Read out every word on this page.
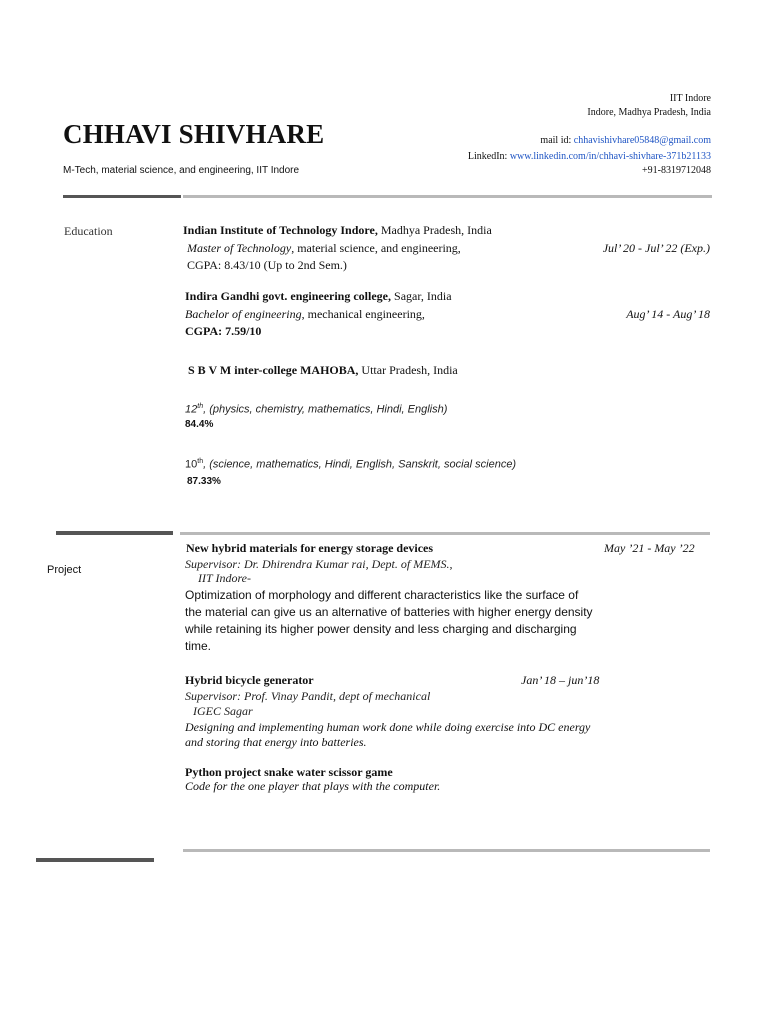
IIT Indore
Indore, Madhya Pradesh, India
CHHAVI SHIVHARE	mail id: chhavishivhare05848@gmail.com
LinkedIn: www.linkedin.com/in/chhavi-shivhare-371b21133
M-Tech, material science, and engineering, IIT Indore	+91-8319712048
Education	Indian Institute of Technology Indore, Madhya Pradesh, India
Master of Technology, material science, and engineering,	Jul’ 20 - Jul’ 22 (Exp.)
CGPA: 8.43/10 (Up to 2nd Sem.)
Indira Gandhi govt. engineering college, Sagar, India
Bachelor of engineering, mechanical engineering,	Aug’ 14 - Aug’ 18
CGPA: 7.59/10
S B V M inter-college MAHOBA, Uttar Pradesh, India
12th, (physics, chemistry, mathematics, Hindi, English)
84.4%
10th, (science, mathematics, Hindi, English, Sanskrit, social science)
87.33%
Project
New hybrid materials for energy storage devices	May ’21 - May ’22
Supervisor: Dr. Dhirendra Kumar rai, Dept. of MEMS.,
IIT Indore-
Optimization of morphology and different characteristics like the surface of the material can give us an alternative of batteries with higher energy density while retaining its higher power density and less charging and discharging time.
Hybrid bicycle generator	Jan’ 18 – jun’18
Supervisor: Prof. Vinay Pandit, dept of mechanical
IGEC Sagar
Designing and implementing human work done while doing exercise into DC energy and storing that energy into batteries.
Python project snake water scissor game
Code for the one player that plays with the computer.
